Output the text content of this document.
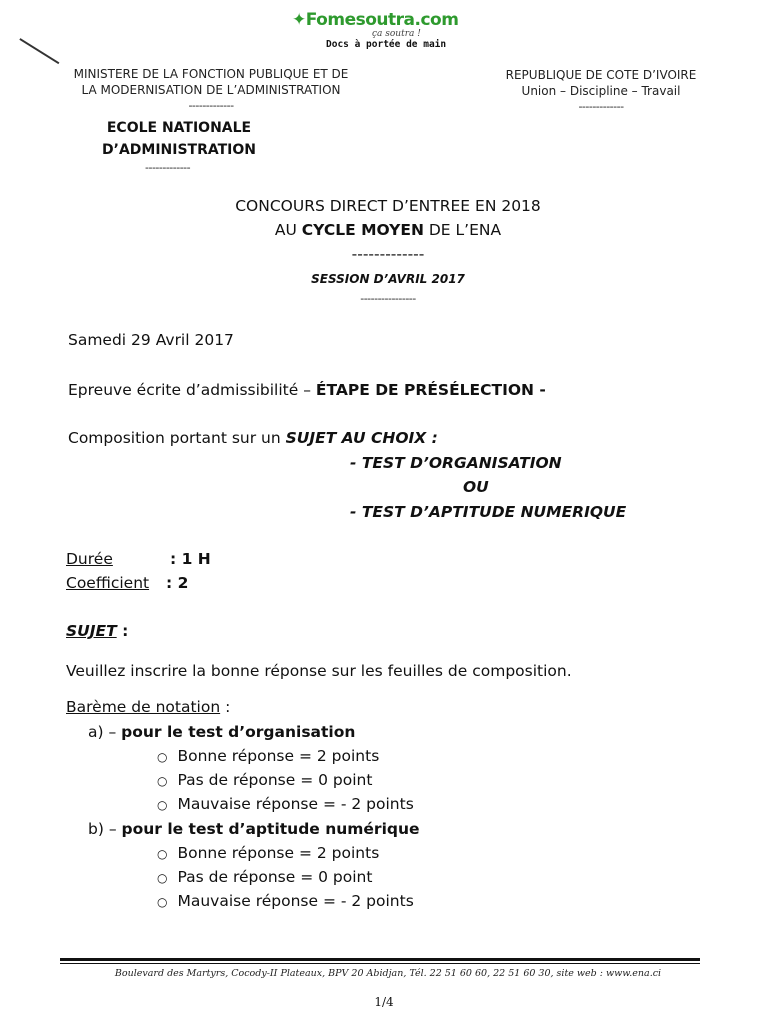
✦Fomesoutra.com
ça soutra !
Docs à portée de main
MINISTERE DE LA FONCTION PUBLIQUE ET DE
LA MODERNISATION DE L’ADMINISTRATION
-------------
ECOLE NATIONALE
D’ADMINISTRATION
-------------
REPUBLIQUE DE COTE D’IVOIRE
Union – Discipline – Travail
-------------
CONCOURS DIRECT D’ENTREE EN 2018
AU CYCLE MOYEN DE L’ENA
-------------
SESSION D’AVRIL 2017
----------------
Samedi 29 Avril 2017
Epreuve écrite d’admissibilité – ÉTAPE DE PRÉSÉLECTION -
Composition portant sur un SUJET AU CHOIX :
- TEST D’ORGANISATION
OU
- TEST D’APTITUDE NUMERIQUE
Durée	: 1 H
Coefficient : 2
SUJET :
Veuillez inscrire la bonne réponse sur les feuilles de composition.
Barème de notation :
a) – pour le test d’organisation
○ Bonne réponse = 2 points
○ Pas de réponse = 0 point
○ Mauvaise réponse = - 2 points
b) – pour le test d’aptitude numérique
○ Bonne réponse = 2 points
○ Pas de réponse = 0 point
○ Mauvaise réponse = - 2 points
Boulevard des Martyrs, Cocody-II Plateaux, BPV 20 Abidjan, Tél. 22 51 60 60, 22 51 60 30, site web : www.ena.ci
1/4
